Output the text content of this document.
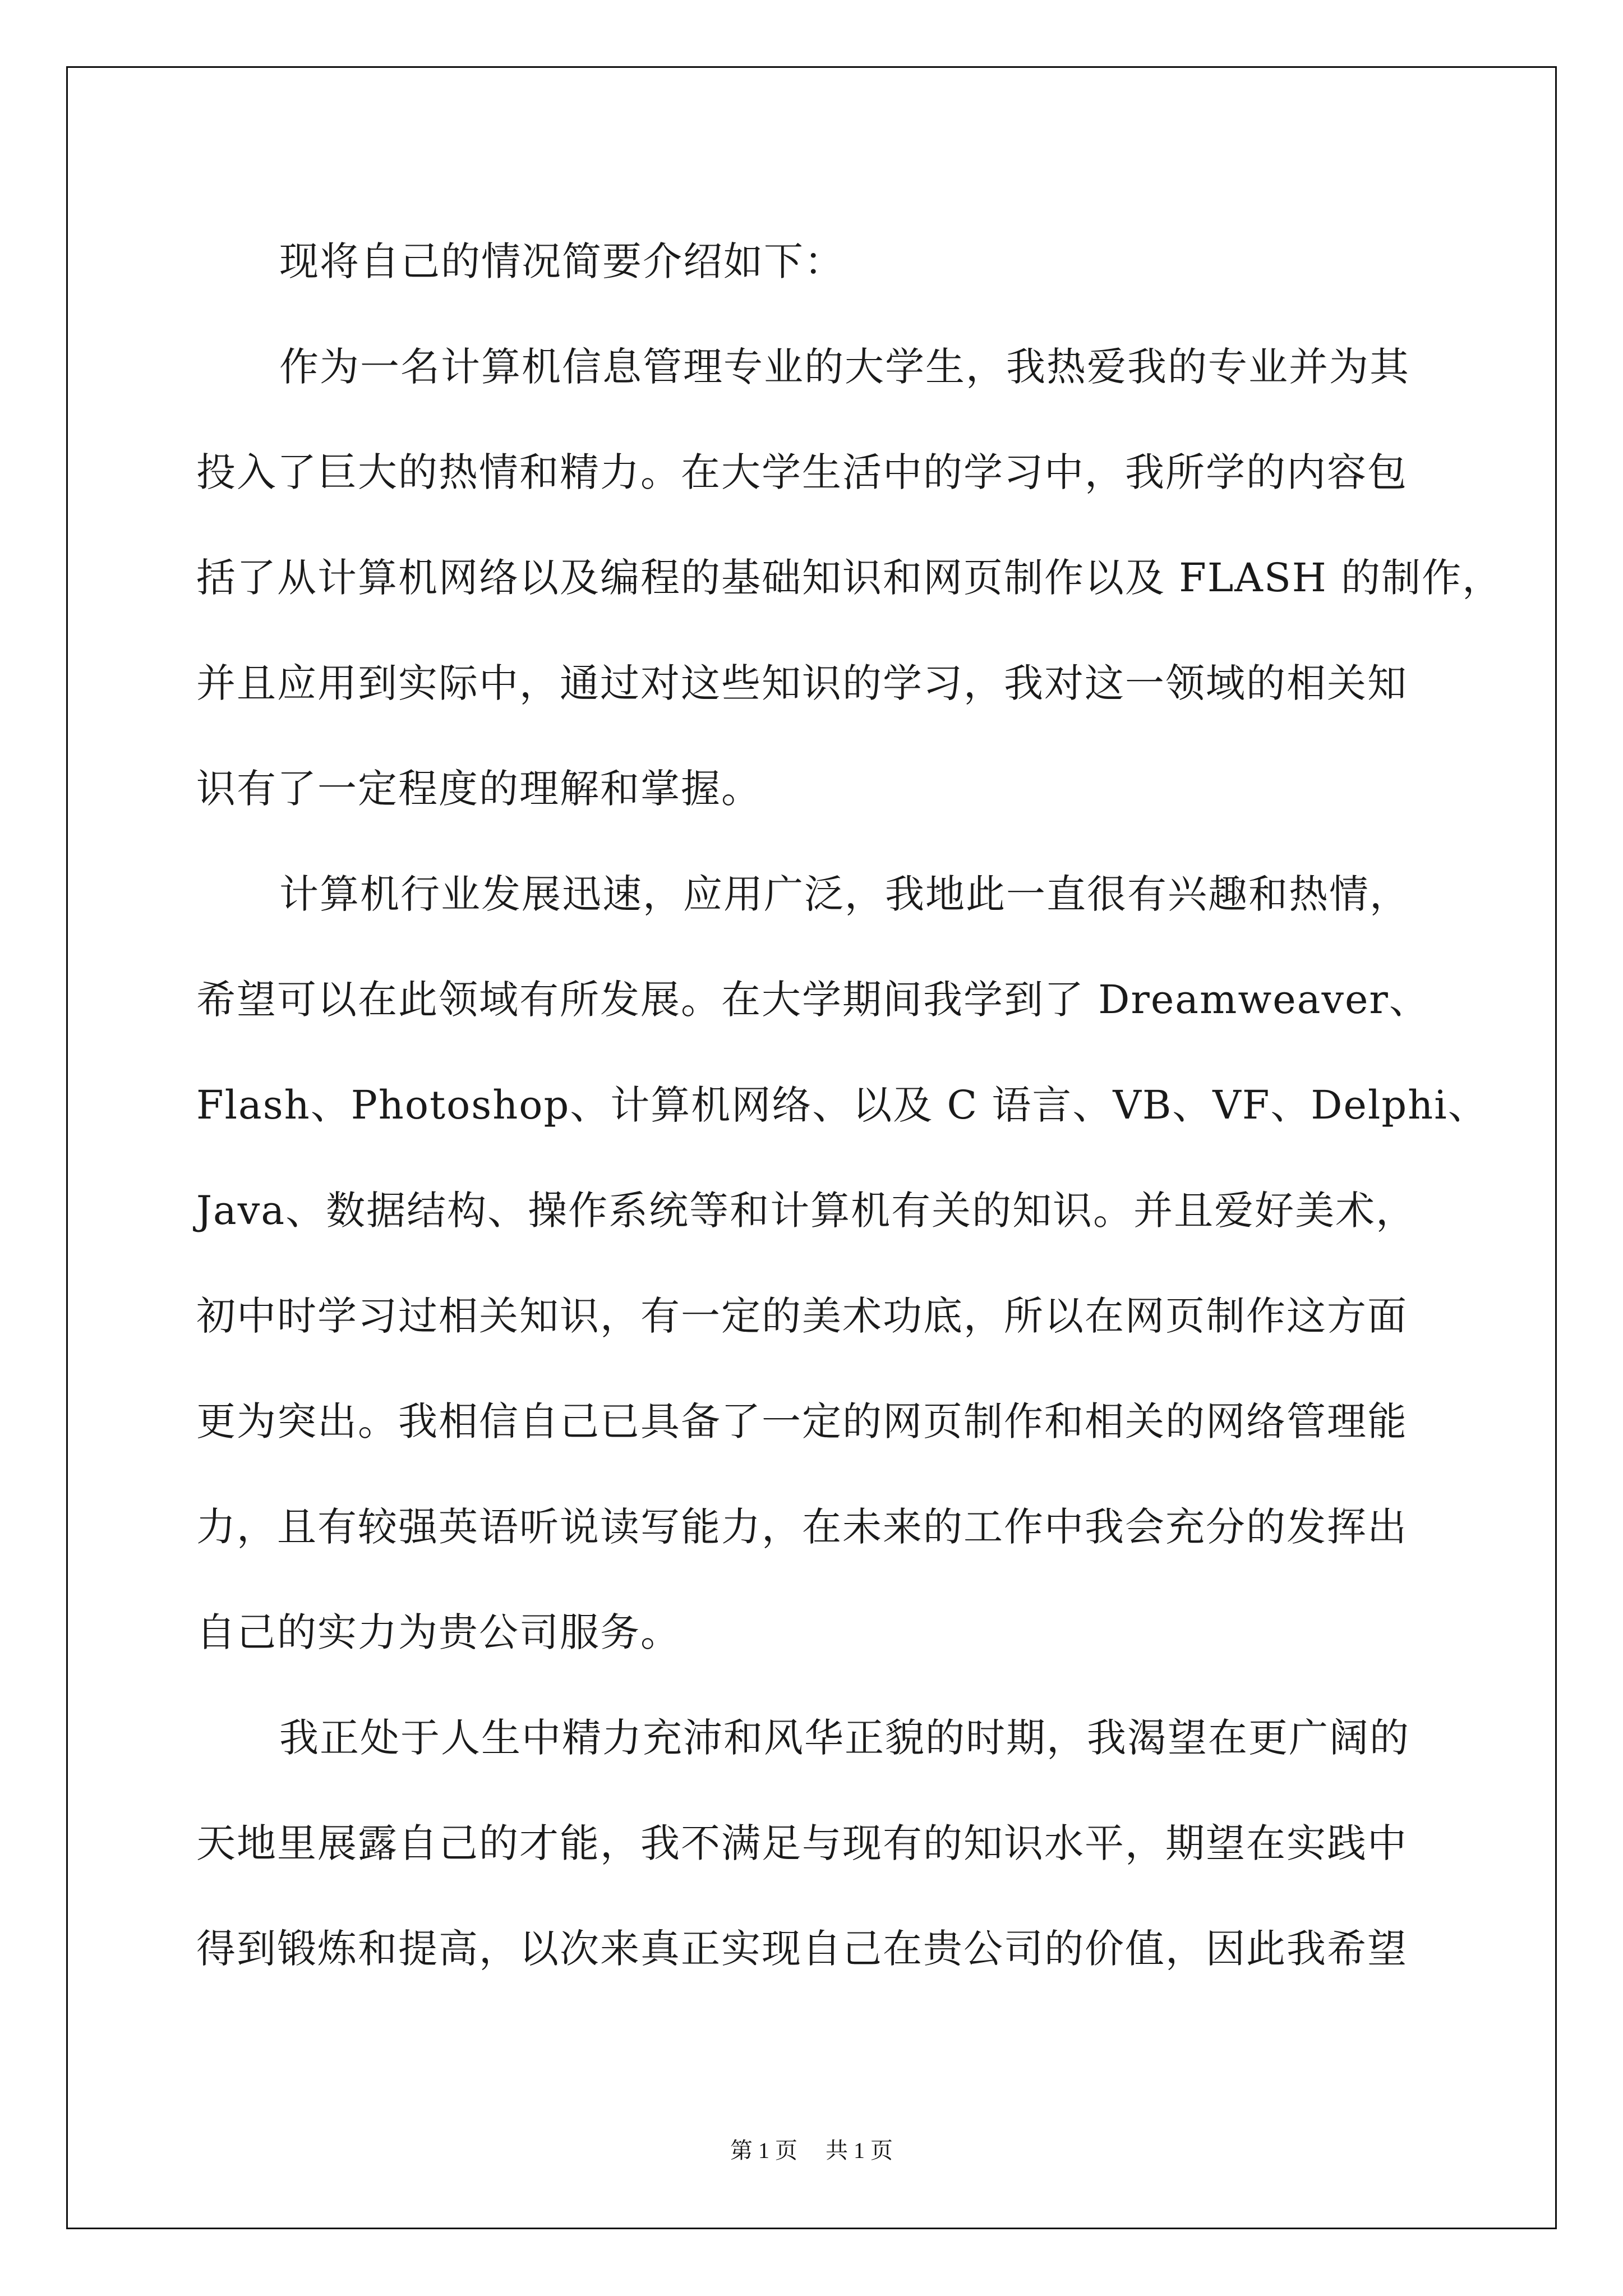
现将自己的情况简要介绍如下：
作为一名计算机信息管理专业的大学生，我热爱我的专业并为其
投入了巨大的热情和精力。在大学生活中的学习中，我所学的内容包
括了从计算机网络以及编程的基础知识和网页制作以及 FLASH 的制作，
并且应用到实际中，通过对这些知识的学习，我对这一领域的相关知
识有了一定程度的理解和掌握。
计算机行业发展迅速，应用广泛，我地此一直很有兴趣和热情，
希望可以在此领域有所发展。在大学期间我学到了 Dreamweaver、
Flash、Photoshop、计算机网络、以及 C 语言、VB、VF、Delphi、
Java、数据结构、操作系统等和计算机有关的知识。并且爱好美术，
初中时学习过相关知识，有一定的美术功底，所以在网页制作这方面
更为突出。我相信自己已具备了一定的网页制作和相关的网络管理能
力，且有较强英语听说读写能力，在未来的工作中我会充分的发挥出
自己的实力为贵公司服务。
我正处于人生中精力充沛和风华正貌的时期，我渴望在更广阔的
天地里展露自己的才能，我不满足与现有的知识水平，期望在实践中
得到锻炼和提高，以次来真正实现自己在贵公司的价值，因此我希望
第 1 页 共 1 页
